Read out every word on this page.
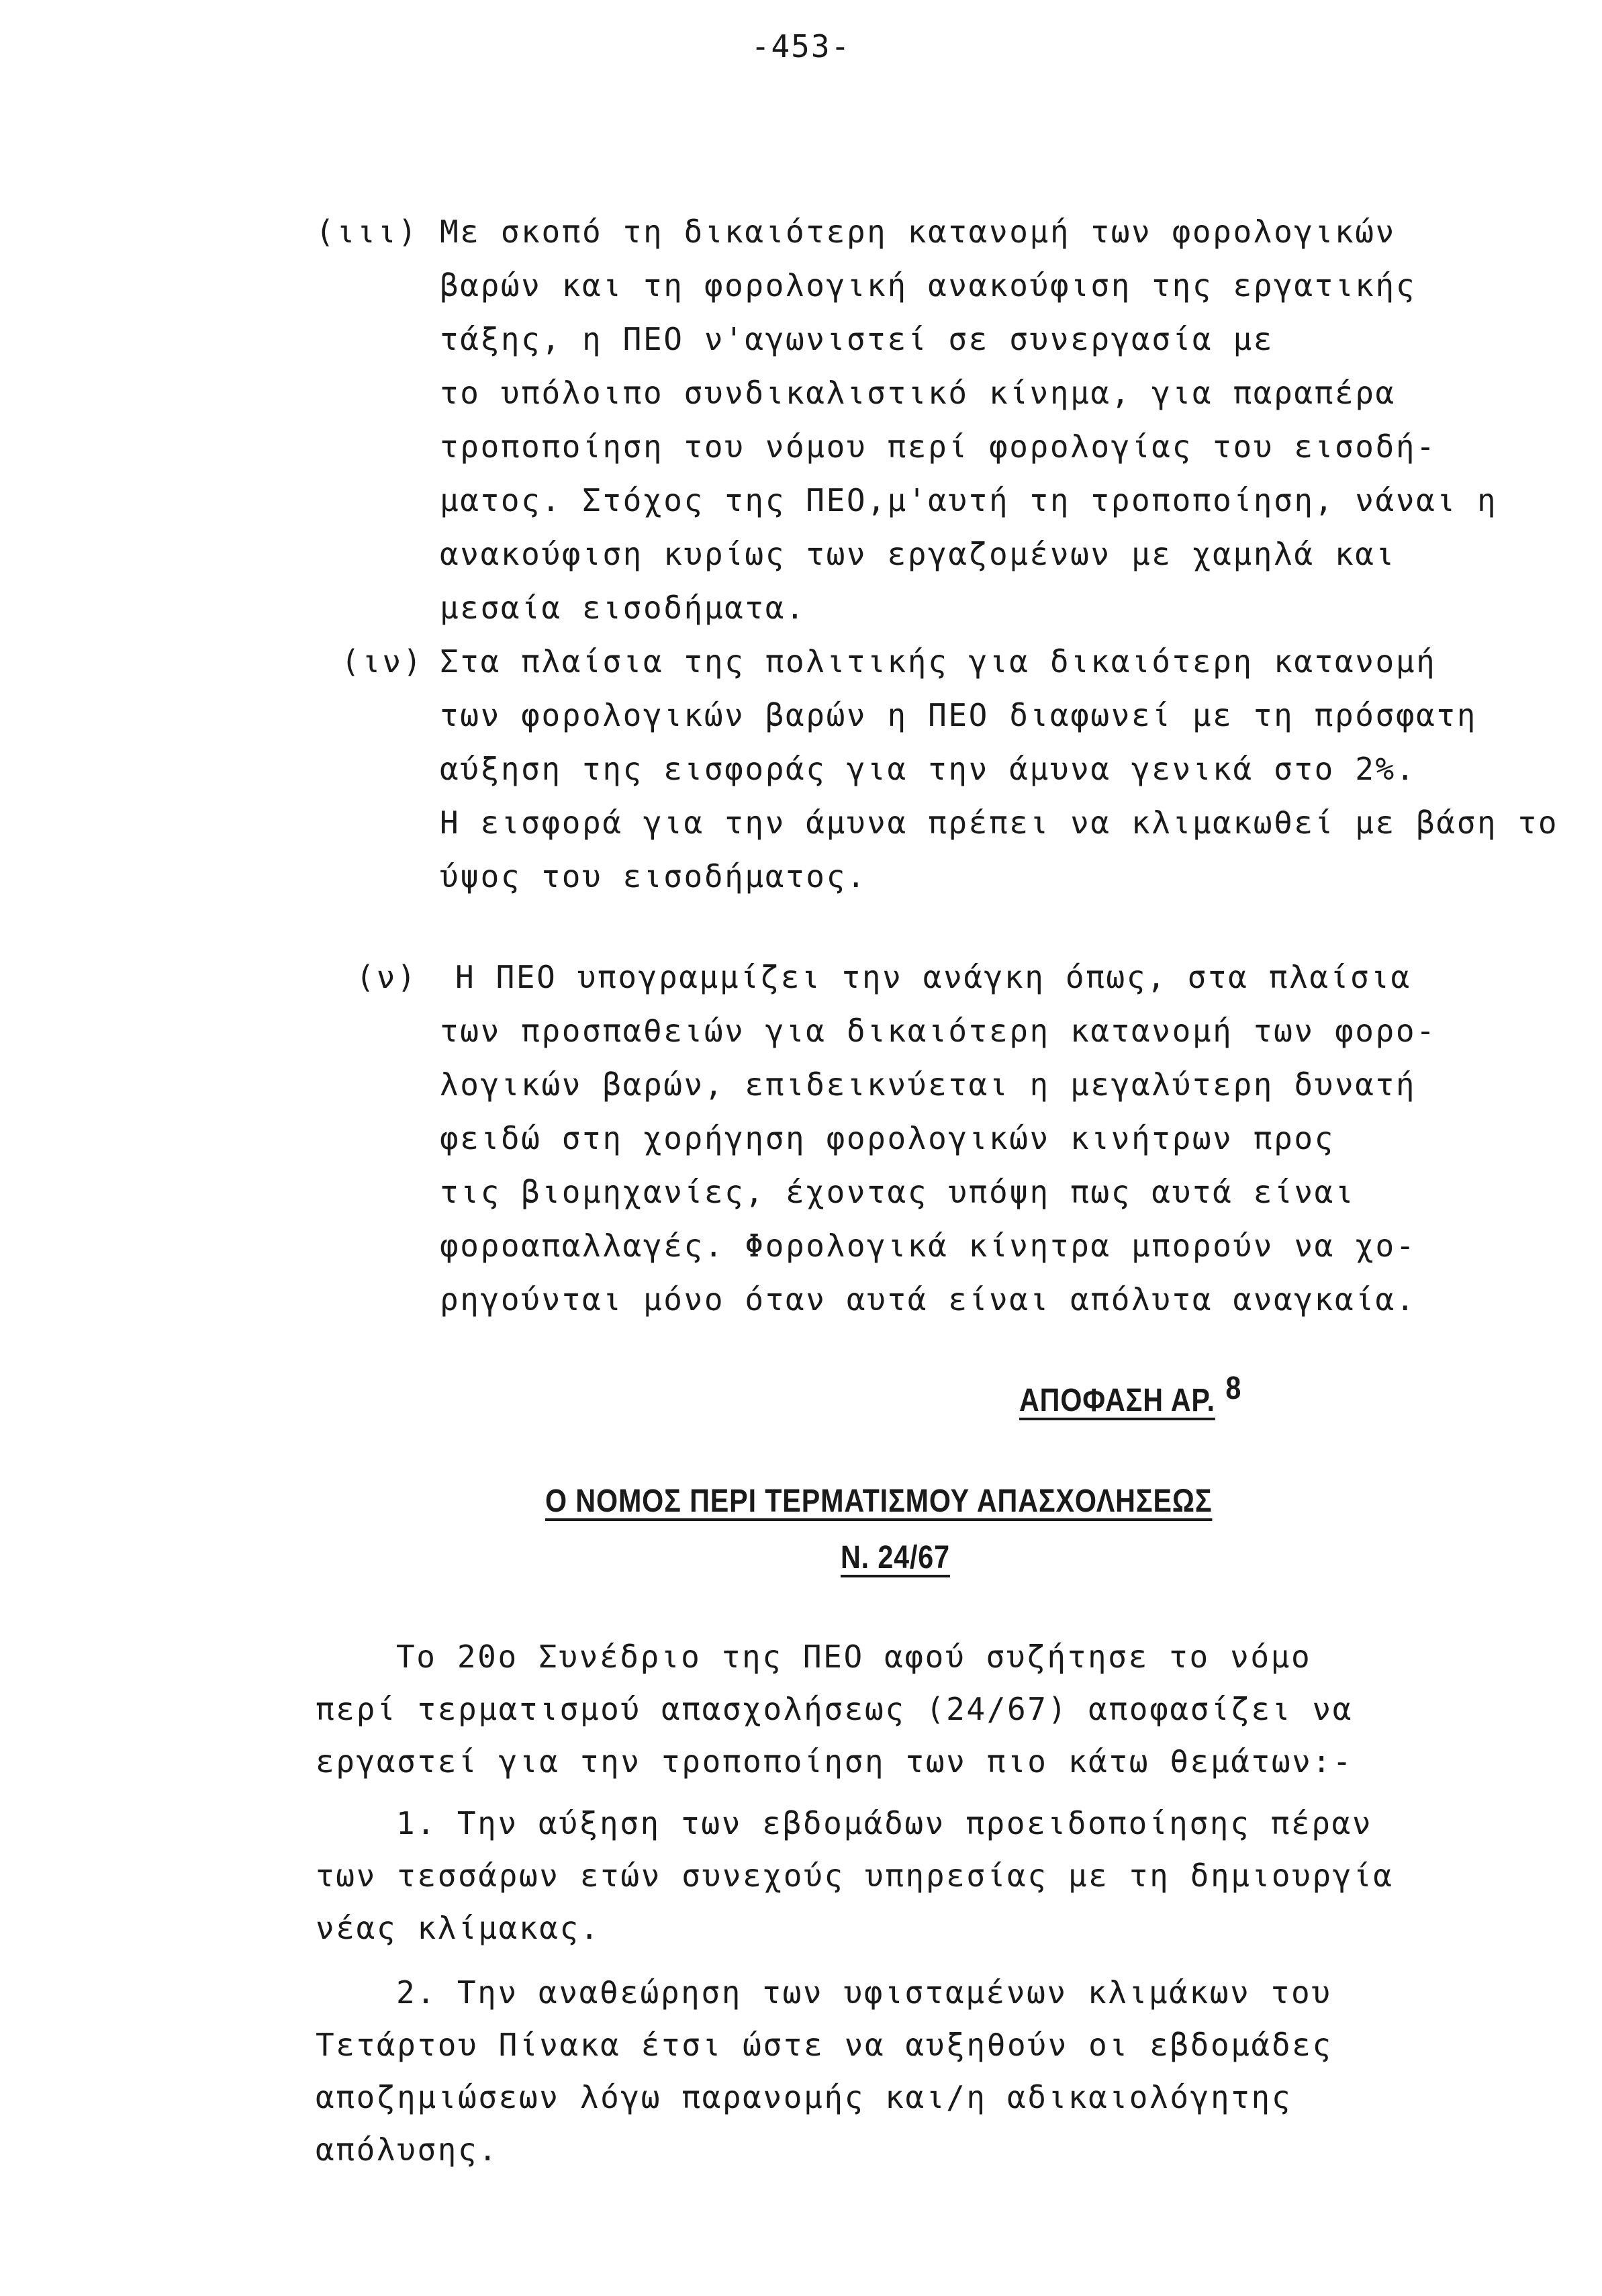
-453-
(ιιι) Με σκοπό τη δικαιότερη κατανομή των φορολογικών
βαρών και τη φορολογική ανακούφιση της εργατικής
τάξης, η ΠΕΟ ν'αγωνιστεί σε συνεργασία με
το υπόλοιπο συνδικαλιστικό κίνημα, για παραπέρα
τροποποίηση του νόμου περί φορολογίας του εισοδή-
ματος. Στόχος της ΠΕΟ,μ'αυτή τη τροποποίηση, νάναι η
ανακούφιση κυρίως των εργαζομένων με χαμηλά και
μεσαία εισοδήματα.
(ιν) Στα πλαίσια της πολιτικής για δικαιότερη κατανομή
των φορολογικών βαρών η ΠΕΟ διαφωνεί με τη πρόσφατη
αύξηση της εισφοράς για την άμυνα γενικά στο 2%.
Η εισφορά για την άμυνα πρέπει να κλιμακωθεί με βάση το
ύψος του εισοδήματος.
(ν) Η ΠΕΟ υπογραμμίζει την ανάγκη όπως, στα πλαίσια
των προσπαθειών για δικαιότερη κατανομή των φορο-
λογικών βαρών, επιδεικνύεται η μεγαλύτερη δυνατή
φειδώ στη χορήγηση φορολογικών κινήτρων προς
τις βιομηχανίες, έχοντας υπόψη πως αυτά είναι
φοροαπαλλαγές. Φορολογικά κίνητρα μπορούν να χο-
ρηγούνται μόνο όταν αυτά είναι απόλυτα αναγκαία.
ΑΠΟΦΑΣΗ ΑΡ. 8
Ο ΝΟΜΟΣ ΠΕΡΙ ΤΕΡΜΑΤΙΣΜΟΥ ΑΠΑΣΧΟΛΗΣΕΩΣ
Ν. 24/67
Το 20ο Συνέδριο της ΠΕΟ αφού συζήτησε το νόμο
περί τερματισμού απασχολήσεως (24/67) αποφασίζει να
εργαστεί για την τροποποίηση των πιο κάτω θεμάτων:-
1. Την αύξηση των εβδομάδων προειδοποίησης πέραν
των τεσσάρων ετών συνεχούς υπηρεσίας με τη δημιουργία
νέας κλίμακας.
2. Την αναθεώρηση των υφισταμένων κλιμάκων του
Τετάρτου Πίνακα έτσι ώστε να αυξηθούν οι εβδομάδες
αποζημιώσεων λόγω παρανομής και/η αδικαιολόγητης
απόλυσης.
